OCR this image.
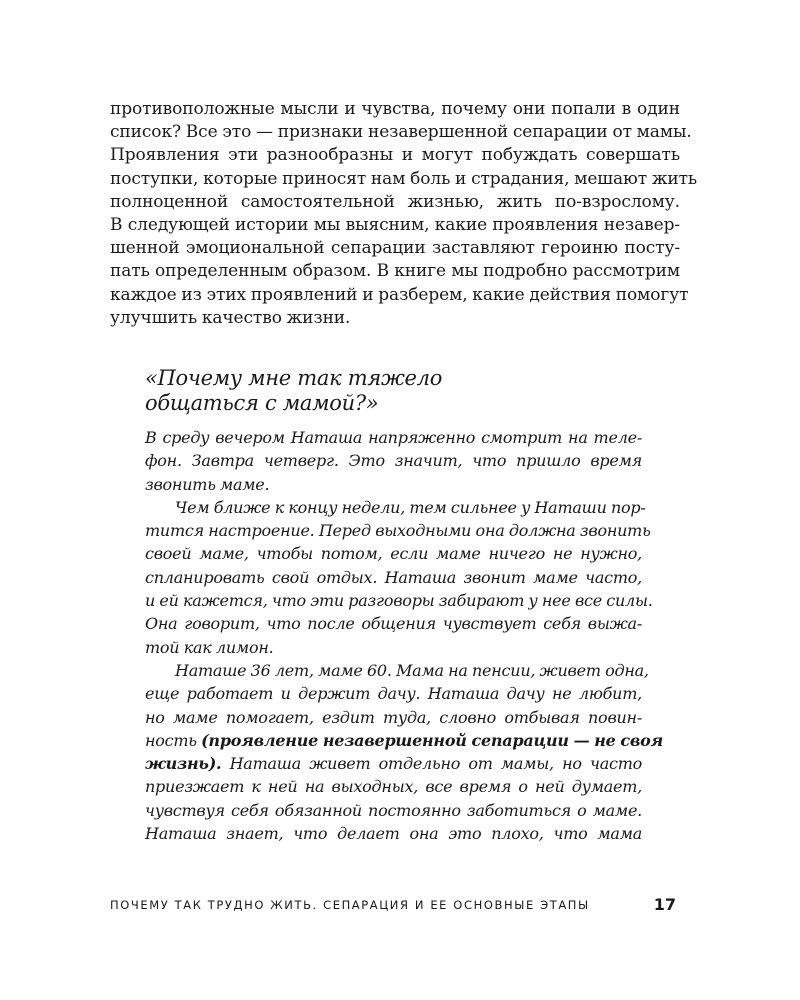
противоположные мысли и чувства, почему они попали в один
список? Все это — признаки незавершенной сепарации от мамы.
Проявления эти разнообразны и могут побуждать совершать
поступки, которые приносят нам боль и страдания, мешают жить
полноценной самостоятельной жизнью, жить по-взрослому.
В следующей истории мы выясним, какие проявления незавер-
шенной эмоциональной сепарации заставляют героиню посту-
пать определенным образом. В книге мы подробно рассмотрим
каждое из этих проявлений и разберем, какие действия помогут
улучшить качество жизни.
«Почему мне так тяжело
общаться с мамой?»
В среду вечером Наташа напряженно смотрит на теле-
фон. Завтра четверг. Это значит, что пришло время
звонить маме.
Чем ближе к концу недели, тем сильнее у Наташи пор-
тится настроение. Перед выходными она должна звонить
своей маме, чтобы потом, если маме ничего не нужно,
спланировать свой отдых. Наташа звонит маме часто,
и ей кажется, что эти разговоры забирают у нее все силы.
Она говорит, что после общения чувствует себя выжа-
той как лимон.
Наташе 36 лет, маме 60. Мама на пенсии, живет одна,
еще работает и держит дачу. Наташа дачу не любит,
но маме помогает, ездит туда, словно отбывая повин-
ность (проявление незавершенной сепарации — не своя
жизнь). Наташа живет отдельно от мамы, но часто
приезжает к ней на выходных, все время о ней думает,
чувствуя себя обязанной постоянно заботиться о маме.
Наташа знает, что делает она это плохо, что мама
ПОЧЕМУ ТАК ТРУДНО ЖИТЬ. СЕПАРАЦИЯ И ЕЕ ОСНОВНЫЕ ЭТАПЫ	17
